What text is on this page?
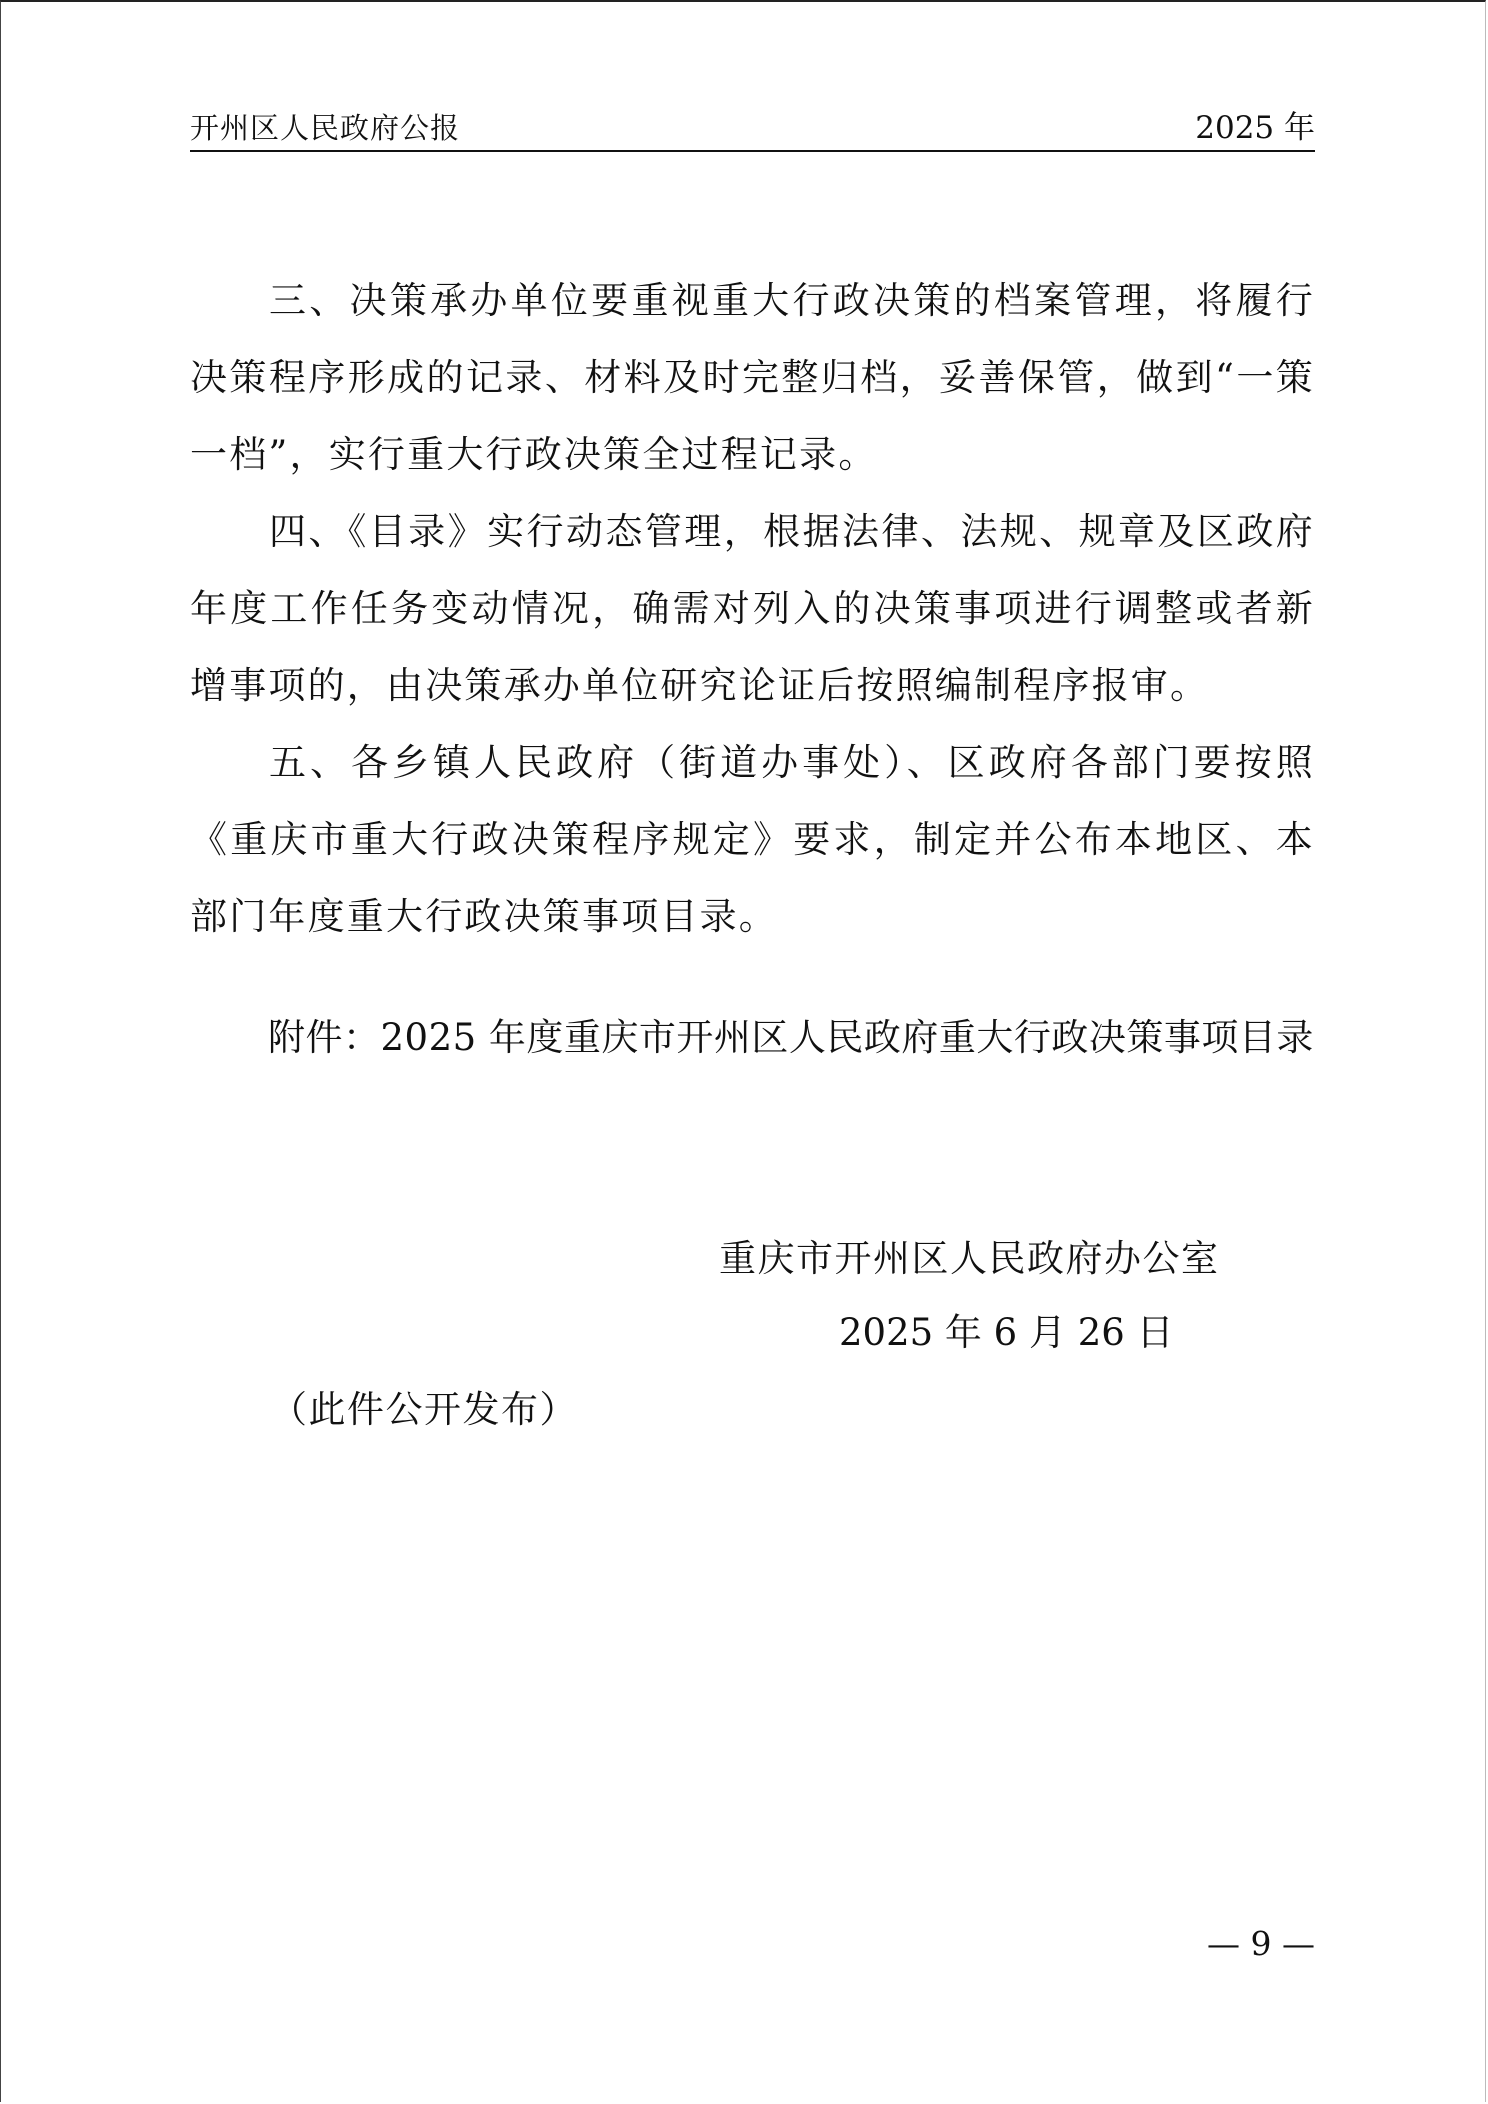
开州区人民政府公报	2025 年

三、决策承办单位要重视重大行政决策的档案管理，将履行决策程序形成的记录、材料及时完整归档，妥善保管，做到“一策一档”，实行重大行政决策全过程记录。

四、《目录》实行动态管理，根据法律、法规、规章及区政府年度工作任务变动情况，确需对列入的决策事项进行调整或者新增事项的，由决策承办单位研究论证后按照编制程序报审。

五、各乡镇人民政府（街道办事处）、区政府各部门要按照《重庆市重大行政决策程序规定》要求，制定并公布本地区、本部门年度重大行政决策事项目录。

附件：2025 年度重庆市开州区人民政府重大行政决策事项目录
重庆市开州区人民政府办公室
2025 年 6 月 26 日
（此件公开发布）
— 9 —
